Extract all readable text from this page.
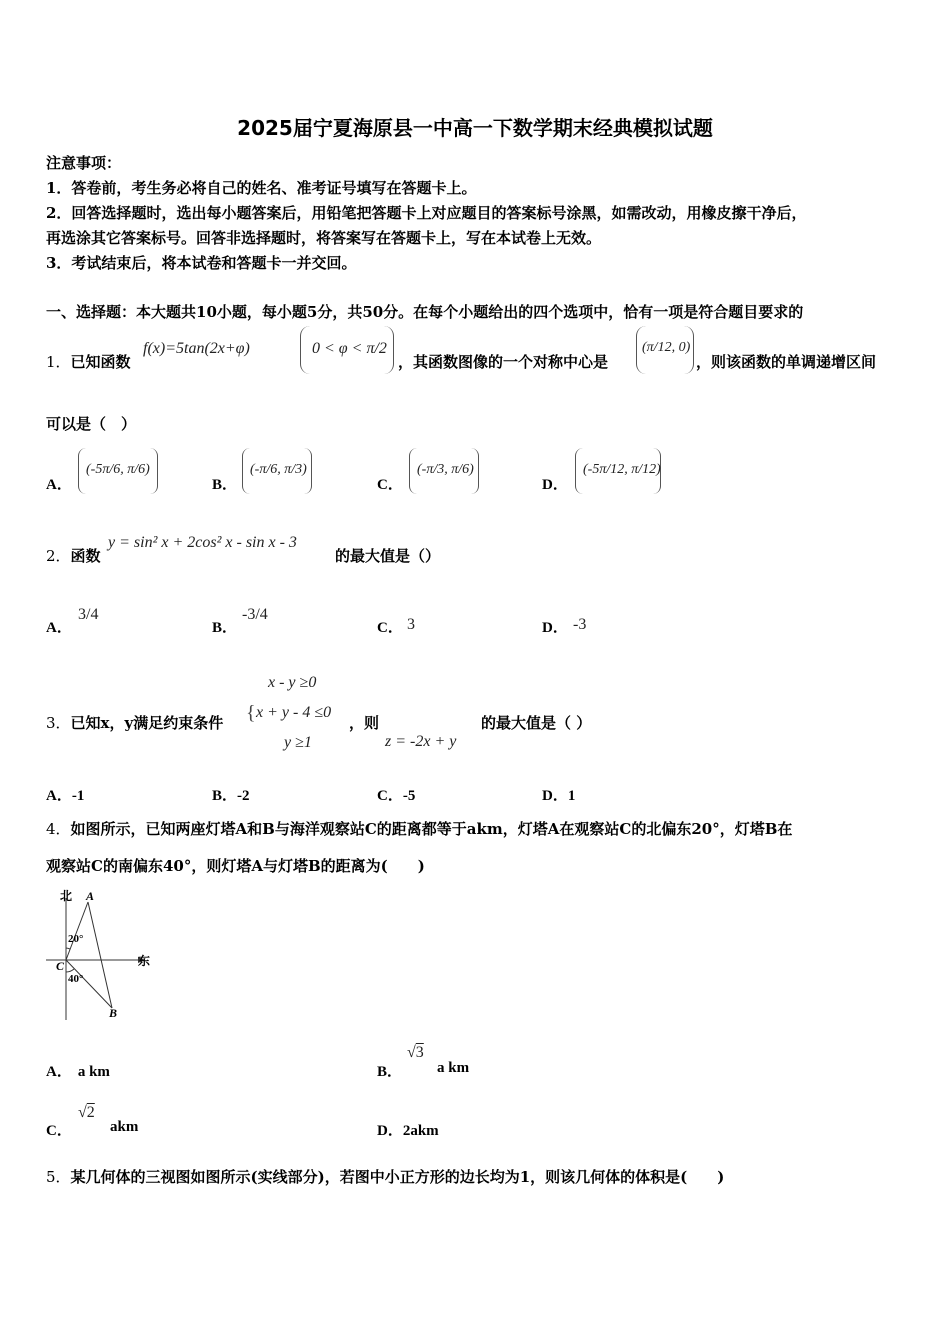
2025届宁夏海原县一中高一下数学期末经典模拟试题
注意事项：
1．答卷前，考生务必将自己的姓名、准考证号填写在答题卡上。
2．回答选择题时，选出每小题答案后，用铅笔把答题卡上对应题目的答案标号涂黑，如需改动，用橡皮擦干净后，
再选涂其它答案标号。回答非选择题时，将答案写在答题卡上，写在本试卷上无效。
3．考试结束后，将本试卷和答题卡一并交回。
一、选择题：本大题共10小题，每小题5分，共50分。在每个小题给出的四个选项中，恰有一项是符合题目要求的
1．已知函数
f(x)=5tan(2x+φ)	0 < φ < π/2
，其函数图像的一个对称中心是
(π/12, 0)
，则该函数的单调递增区间
可以是（　）
A．
(-5π/6, π/6)
B．
(-π/6, π/3)
C．
(-π/3, π/6)
D．
(-5π/12, π/12)
2．函数
y = sin² x + 2cos² x - sin x - 3
的最大值是（）
A．
3/4
B．
-3/4
C． 3	D． -3
x - y ≥0
3．已知x，y满足约束条件 { x + y - 4 ≤0
，则
y ≥1	z = -2x + y
的最大值是（ ）
A．-1	B．-2	C．-5	D．1
4．如图所示，已知两座灯塔A和B与海洋观察站C的距离都等于akm，灯塔A在观察站C的北偏东20°，灯塔B在
观察站C的南偏东40°，则灯塔A与灯塔B的距离为(　　)
北
东
A
B
C
20°
40°
A． a km	B．
√3
a km
C．
√2
akm	D．2akm
5．某几何体的三视图如图所示(实线部分)，若图中小正方形的边长均为1，则该几何体的体积是(　　)
